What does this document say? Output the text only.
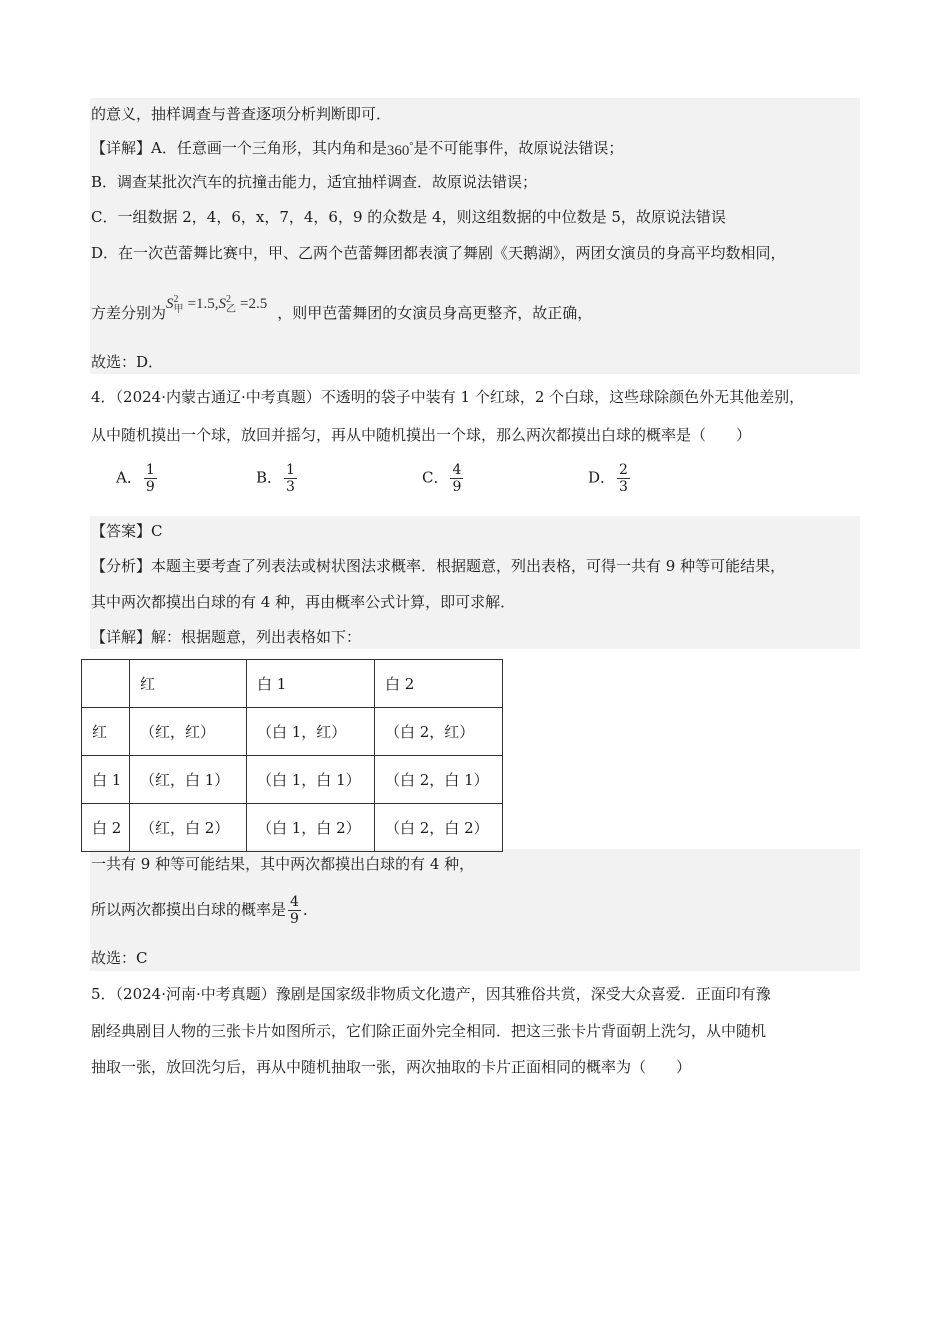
的意义，抽样调查与普查逐项分析判断即可．
【详解】A．任意画一个三角形，其内角和是360°是不可能事件，故原说法错误；
B．调查某批次汽车的抗撞击能力，适宜抽样调查．故原说法错误；
C．一组数据 2，4，6，x，7，4，6，9 的众数是 4，则这组数据的中位数是 5，故原说法错误
D．在一次芭蕾舞比赛中，甲、乙两个芭蕾舞团都表演了舞剧《天鹅湖》，两团女演员的身高平均数相同，
方差分别为S 2
甲 =1.5,S 2
乙 =2.5 ，则甲芭蕾舞团的女演员身高更整齐，故正确，
故选：D．
4．（2024·内蒙古通辽·中考真题）不透明的袋子中装有 1 个红球，2 个白球，这些球除颜色外无其他差别，
从中随机摸出一个球，放回并摇匀，再从中随机摸出一个球，那么两次都摸出白球的概率是（　　）
A． $\frac{1}{9}$	B． $\frac{1}{3}$	C． $\frac{4}{9}$	D． $\frac{2}{3}$
【答案】C
【分析】本题主要考查了列表法或树状图法求概率．根据题意，列出表格，可得一共有 9 种等可能结果，
其中两次都摸出白球的有 4 种，再由概率公式计算，即可求解．
【详解】解：根据题意，列出表格如下：
	红	白 1	白 2
红	（红，红）	（白 1，红）	（白 2，红）
白 1	（红，白 1）	（白 1，白 1）	（白 2，白 1）
白 2	（红，白 2）	（白 1，白 2）	（白 2，白 2）
一共有 9 种等可能结果，其中两次都摸出白球的有 4 种，
所以两次都摸出白球的概率是 $\frac{4}{9}$ ．
故选：C
5．（2024·河南·中考真题）豫剧是国家级非物质文化遗产，因其雅俗共赏，深受大众喜爱．正面印有豫
剧经典剧目人物的三张卡片如图所示，它们除正面外完全相同．把这三张卡片背面朝上洗匀，从中随机
抽取一张，放回洗匀后，再从中随机抽取一张，两次抽取的卡片正面相同的概率为（　　）
